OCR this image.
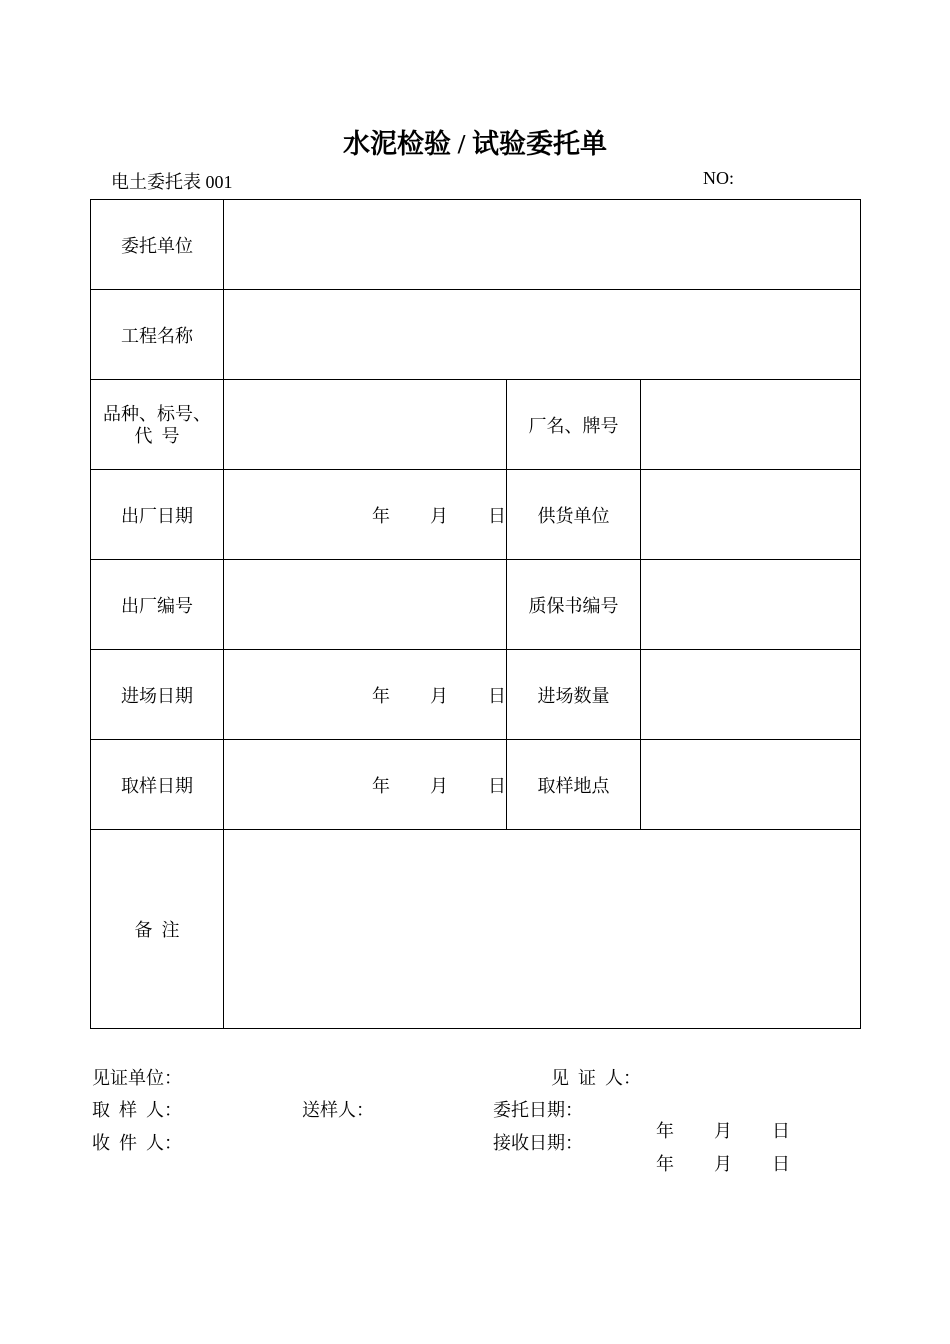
水泥检验 / 试验委托单
电土委托表 001	NO:
委托单位			
工程名称			

品种、标号、
代  号		厂名、牌号	
出厂日期	年 月 日	供货单位	
出厂编号		质保书编号	
进场日期	年 月 日	进场数量	
取样日期	年 月 日	取样地点	
备  注			
见证单位：	见  证  人：
取  样  人：	送样人：	委托日期：

年 月 日

收  件  人：	接收日期：

年 月 日
